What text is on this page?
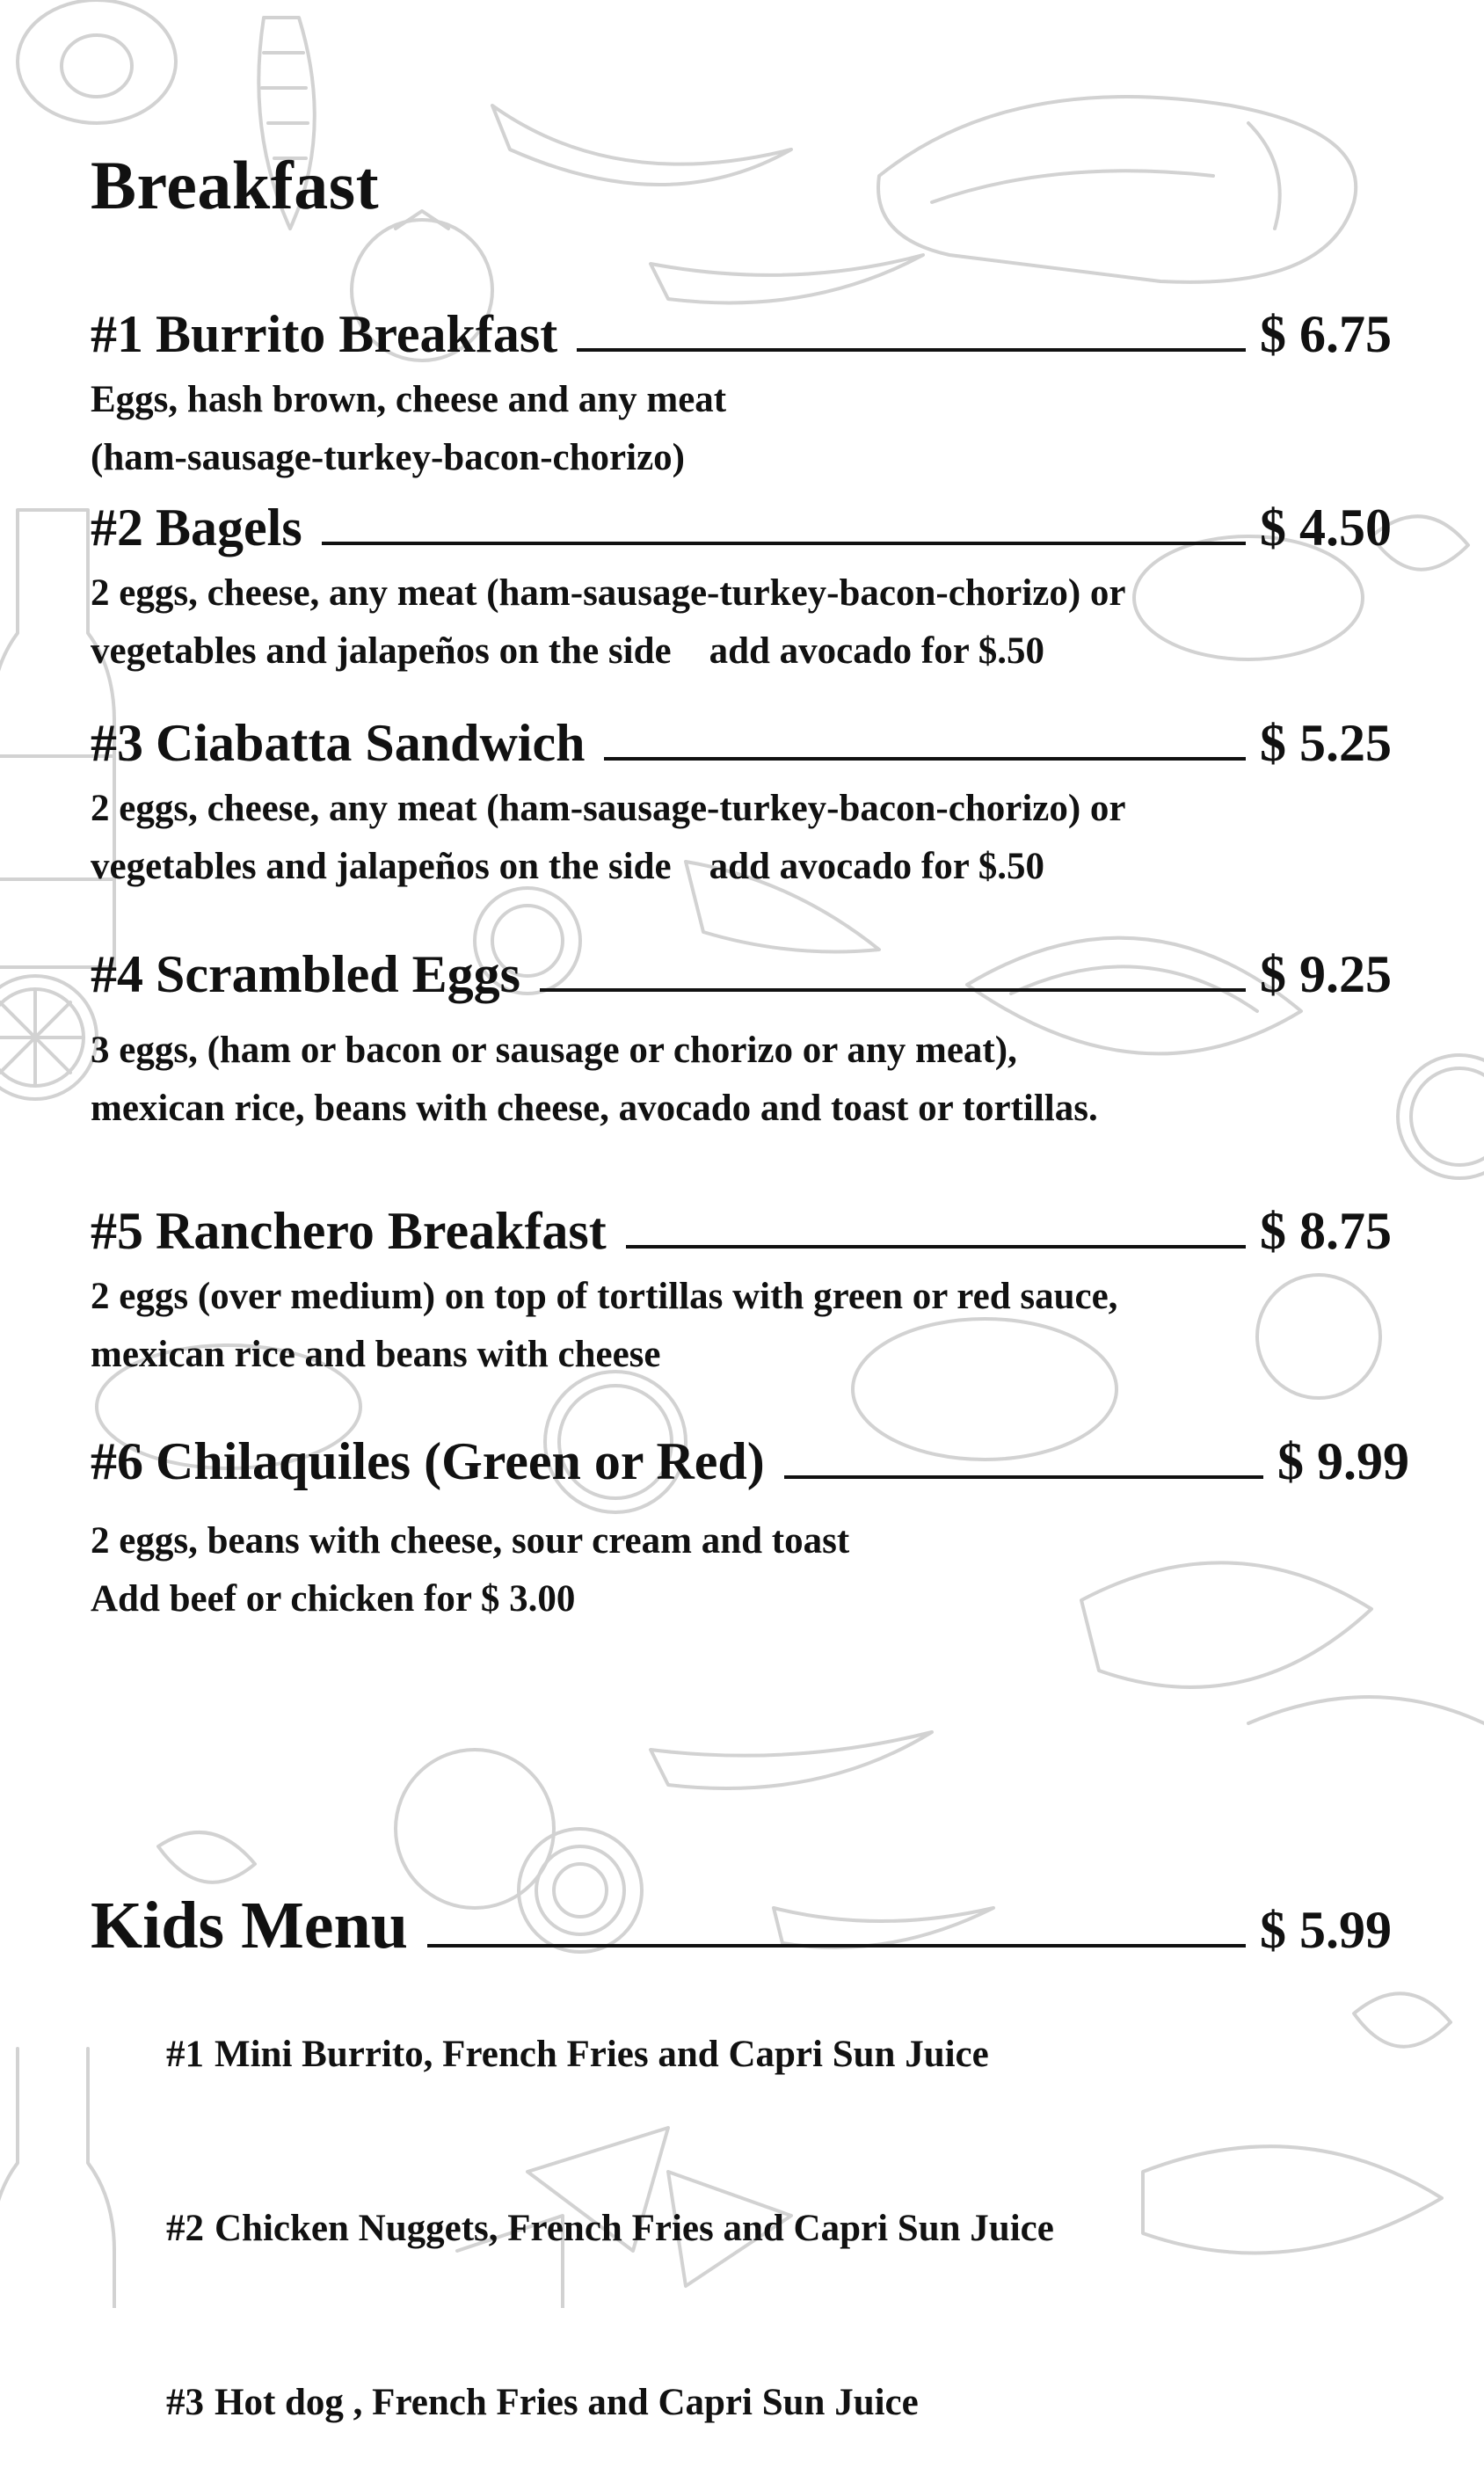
Breakfast
#1 Burrito Breakfast	$ 6.75
Eggs, hash brown, cheese and any meat
(ham-sausage-turkey-bacon-chorizo)
#2 Bagels	$ 4.50
2 eggs, cheese, any meat (ham-sausage-turkey-bacon-chorizo) or
vegetables and jalapeños on the side    add avocado for $.50
#3 Ciabatta Sandwich	$ 5.25
2 eggs, cheese, any meat (ham-sausage-turkey-bacon-chorizo) or
vegetables and jalapeños on the side    add avocado for $.50
#4 Scrambled Eggs	$ 9.25
3 eggs, (ham or bacon or sausage or chorizo or any meat),
mexican rice, beans with cheese, avocado and toast or tortillas.
#5 Ranchero Breakfast	$ 8.75
2 eggs (over medium) on top of tortillas with green or red sauce,
mexican rice and beans with cheese
#6 Chilaquiles (Green or Red)	$ 9.99
2 eggs, beans with cheese, sour cream and toast
Add beef or chicken for $ 3.00
Kids Menu	$ 5.99

#1 Mini Burrito, French Fries and Capri Sun Juice

#2 Chicken Nuggets, French Fries and Capri Sun Juice

#3 Hot dog , French Fries and Capri Sun Juice
